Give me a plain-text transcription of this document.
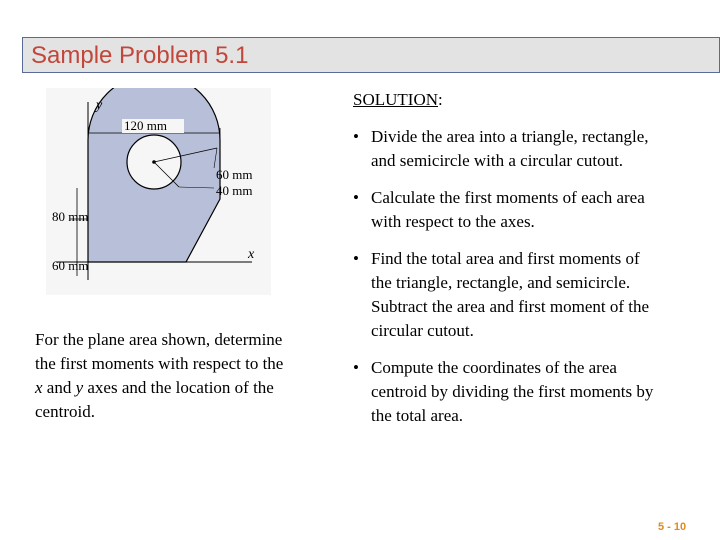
Sample Problem 5.1
y
x
120 mm
60 mm
40 mm
80 mm
60 mm
For the plane area shown, determine
the first moments with respect to the
x and y axes and the location of the
centroid.
SOLUTION:
• Divide the area into a triangle, rectangle,
and semicircle with a circular cutout.
• Calculate the first moments of each area
with respect to the axes.
• Find the total area and first moments of
the triangle, rectangle, and semicircle.
Subtract the area and first moment of the
circular cutout.
• Compute the coordinates of the area
centroid by dividing the first moments by
the total area.
5 - 10
